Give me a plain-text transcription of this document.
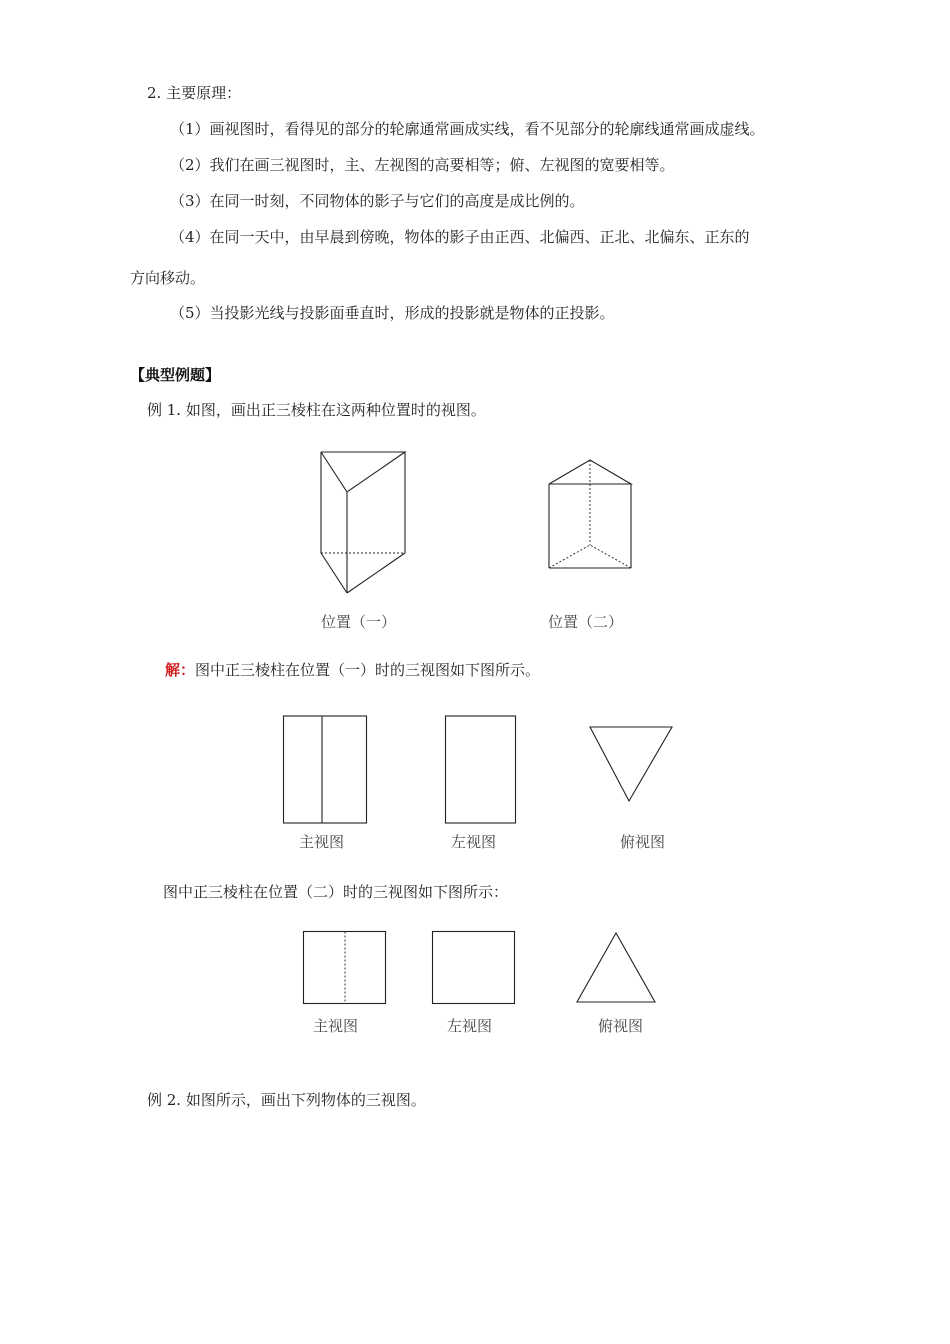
2. 主要原理：
（1）画视图时，看得见的部分的轮廓通常画成实线，看不见部分的轮廓线通常画成虚线。
（2）我们在画三视图时，主、左视图的高要相等；俯、左视图的宽要相等。
（3）在同一时刻，不同物体的影子与它们的高度是成比例的。
（4）在同一天中，由早晨到傍晚，物体的影子由正西、北偏西、正北、北偏东、正东的
方向移动。
（5）当投影光线与投影面垂直时，形成的投影就是物体的正投影。
【典型例题】
例 1. 如图，画出正三棱柱在这两种位置时的视图。
位置（一）	位置（二）
解：图中正三棱柱在位置（一）时的三视图如下图所示。
主视图	左视图	俯视图
图中正三棱柱在位置（二）时的三视图如下图所示：
主视图	左视图	俯视图
例 2. 如图所示，画出下列物体的三视图。
